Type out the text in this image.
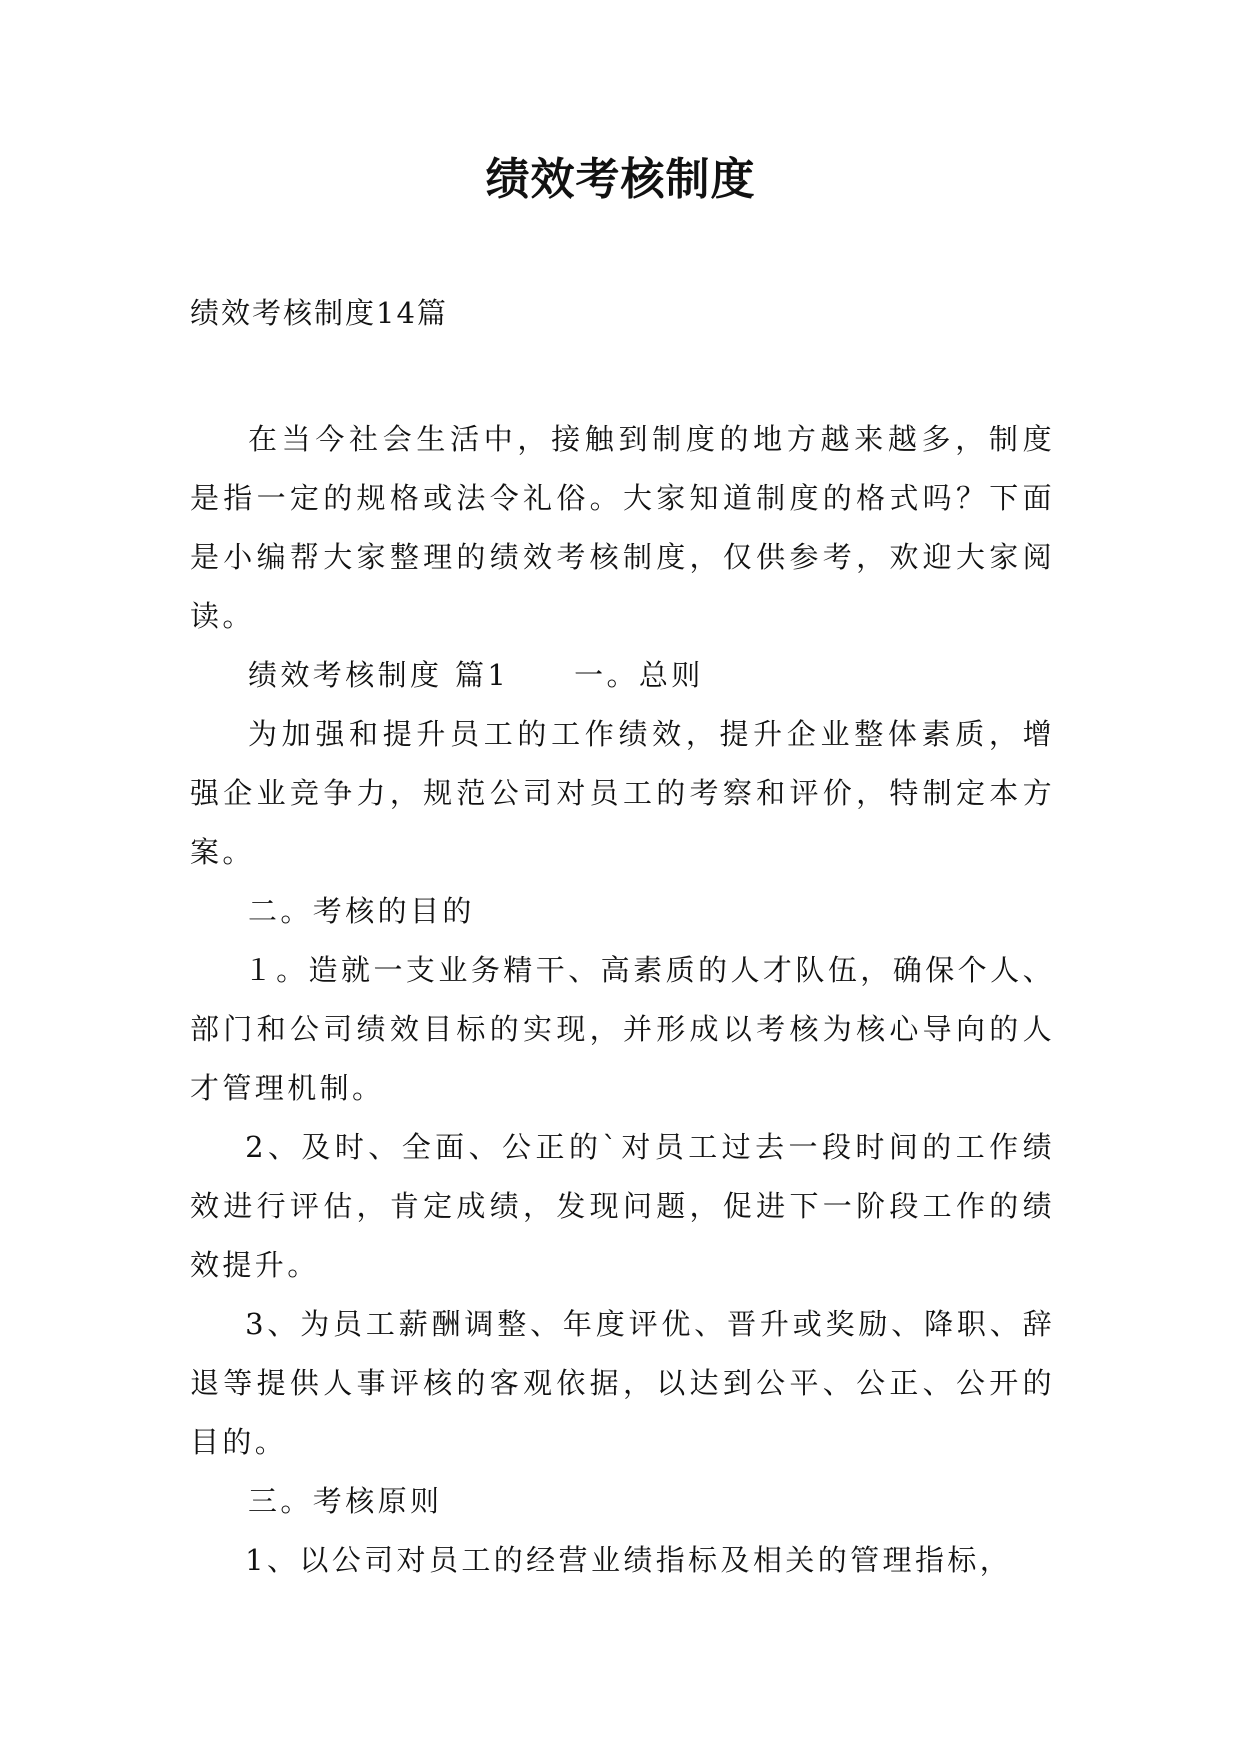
绩效考核制度
绩效考核制度14篇

在当今社会生活中，接触到制度的地方越来越多，制度是指一定的规格或法令礼俗。大家知道制度的格式吗？下面是小编帮大家整理的绩效考核制度，仅供参考，欢迎大家阅读。

绩效考核制度 篇1　　一。总则

为加强和提升员工的工作绩效，提升企业整体素质，增强企业竞争力，规范公司对员工的考察和评价，特制定本方案。

二。考核的目的

１。造就一支业务精干、高素质的人才队伍，确保个人、部门和公司绩效目标的实现，并形成以考核为核心导向的人才管理机制。

2、及时、全面、公正的`对员工过去一段时间的工作绩效进行评估，肯定成绩，发现问题，促进下一阶段工作的绩效提升。

3、为员工薪酬调整、年度评优、晋升或奖励、降职、辞退等提供人事评核的客观依据，以达到公平、公正、公开的目的。

三。考核原则

1、以公司对员工的经营业绩指标及相关的管理指标，
